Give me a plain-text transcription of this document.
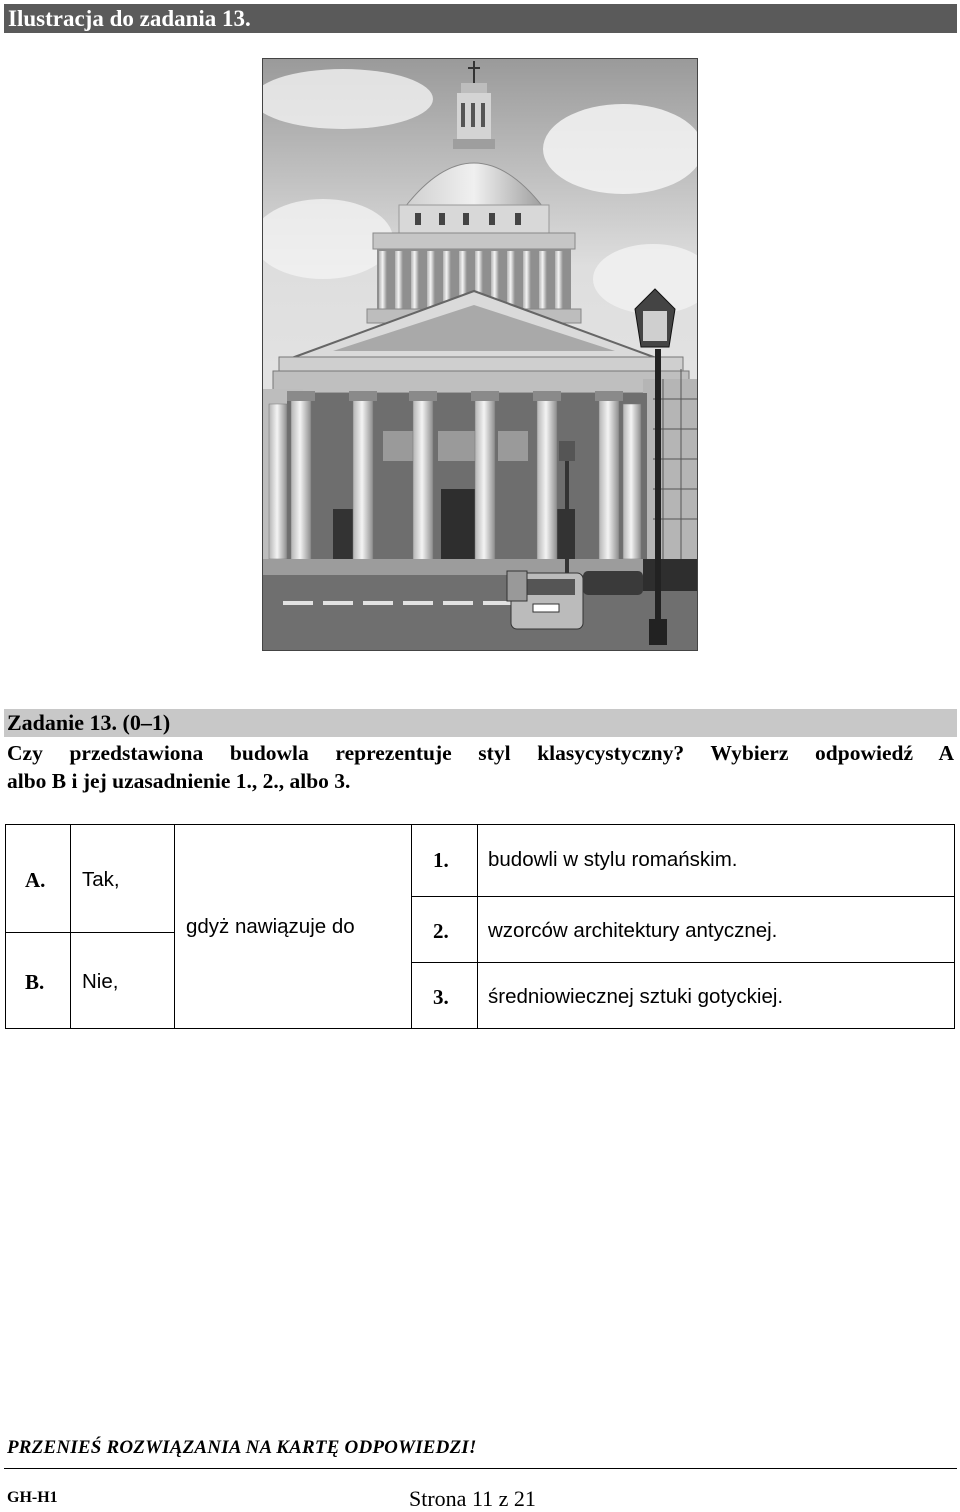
Ilustracja do zadania 13.
Zadanie 13. (0–1)
Czy przedstawiona budowla reprezentuje styl klasycystyczny? Wybierz odpowiedź A
albo B i jej uzasadnienie 1., 2., albo 3.
A. Tak,
B. Nie,
gdyż nawiązuje do
1. budowli w stylu romańskim.
2. wzorców architektury antycznej.
3. średniowiecznej sztuki gotyckiej.
PRZENIEŚ ROZWIĄZANIA NA KARTĘ ODPOWIEDZI!
GH-H1	Strona 11 z 21
